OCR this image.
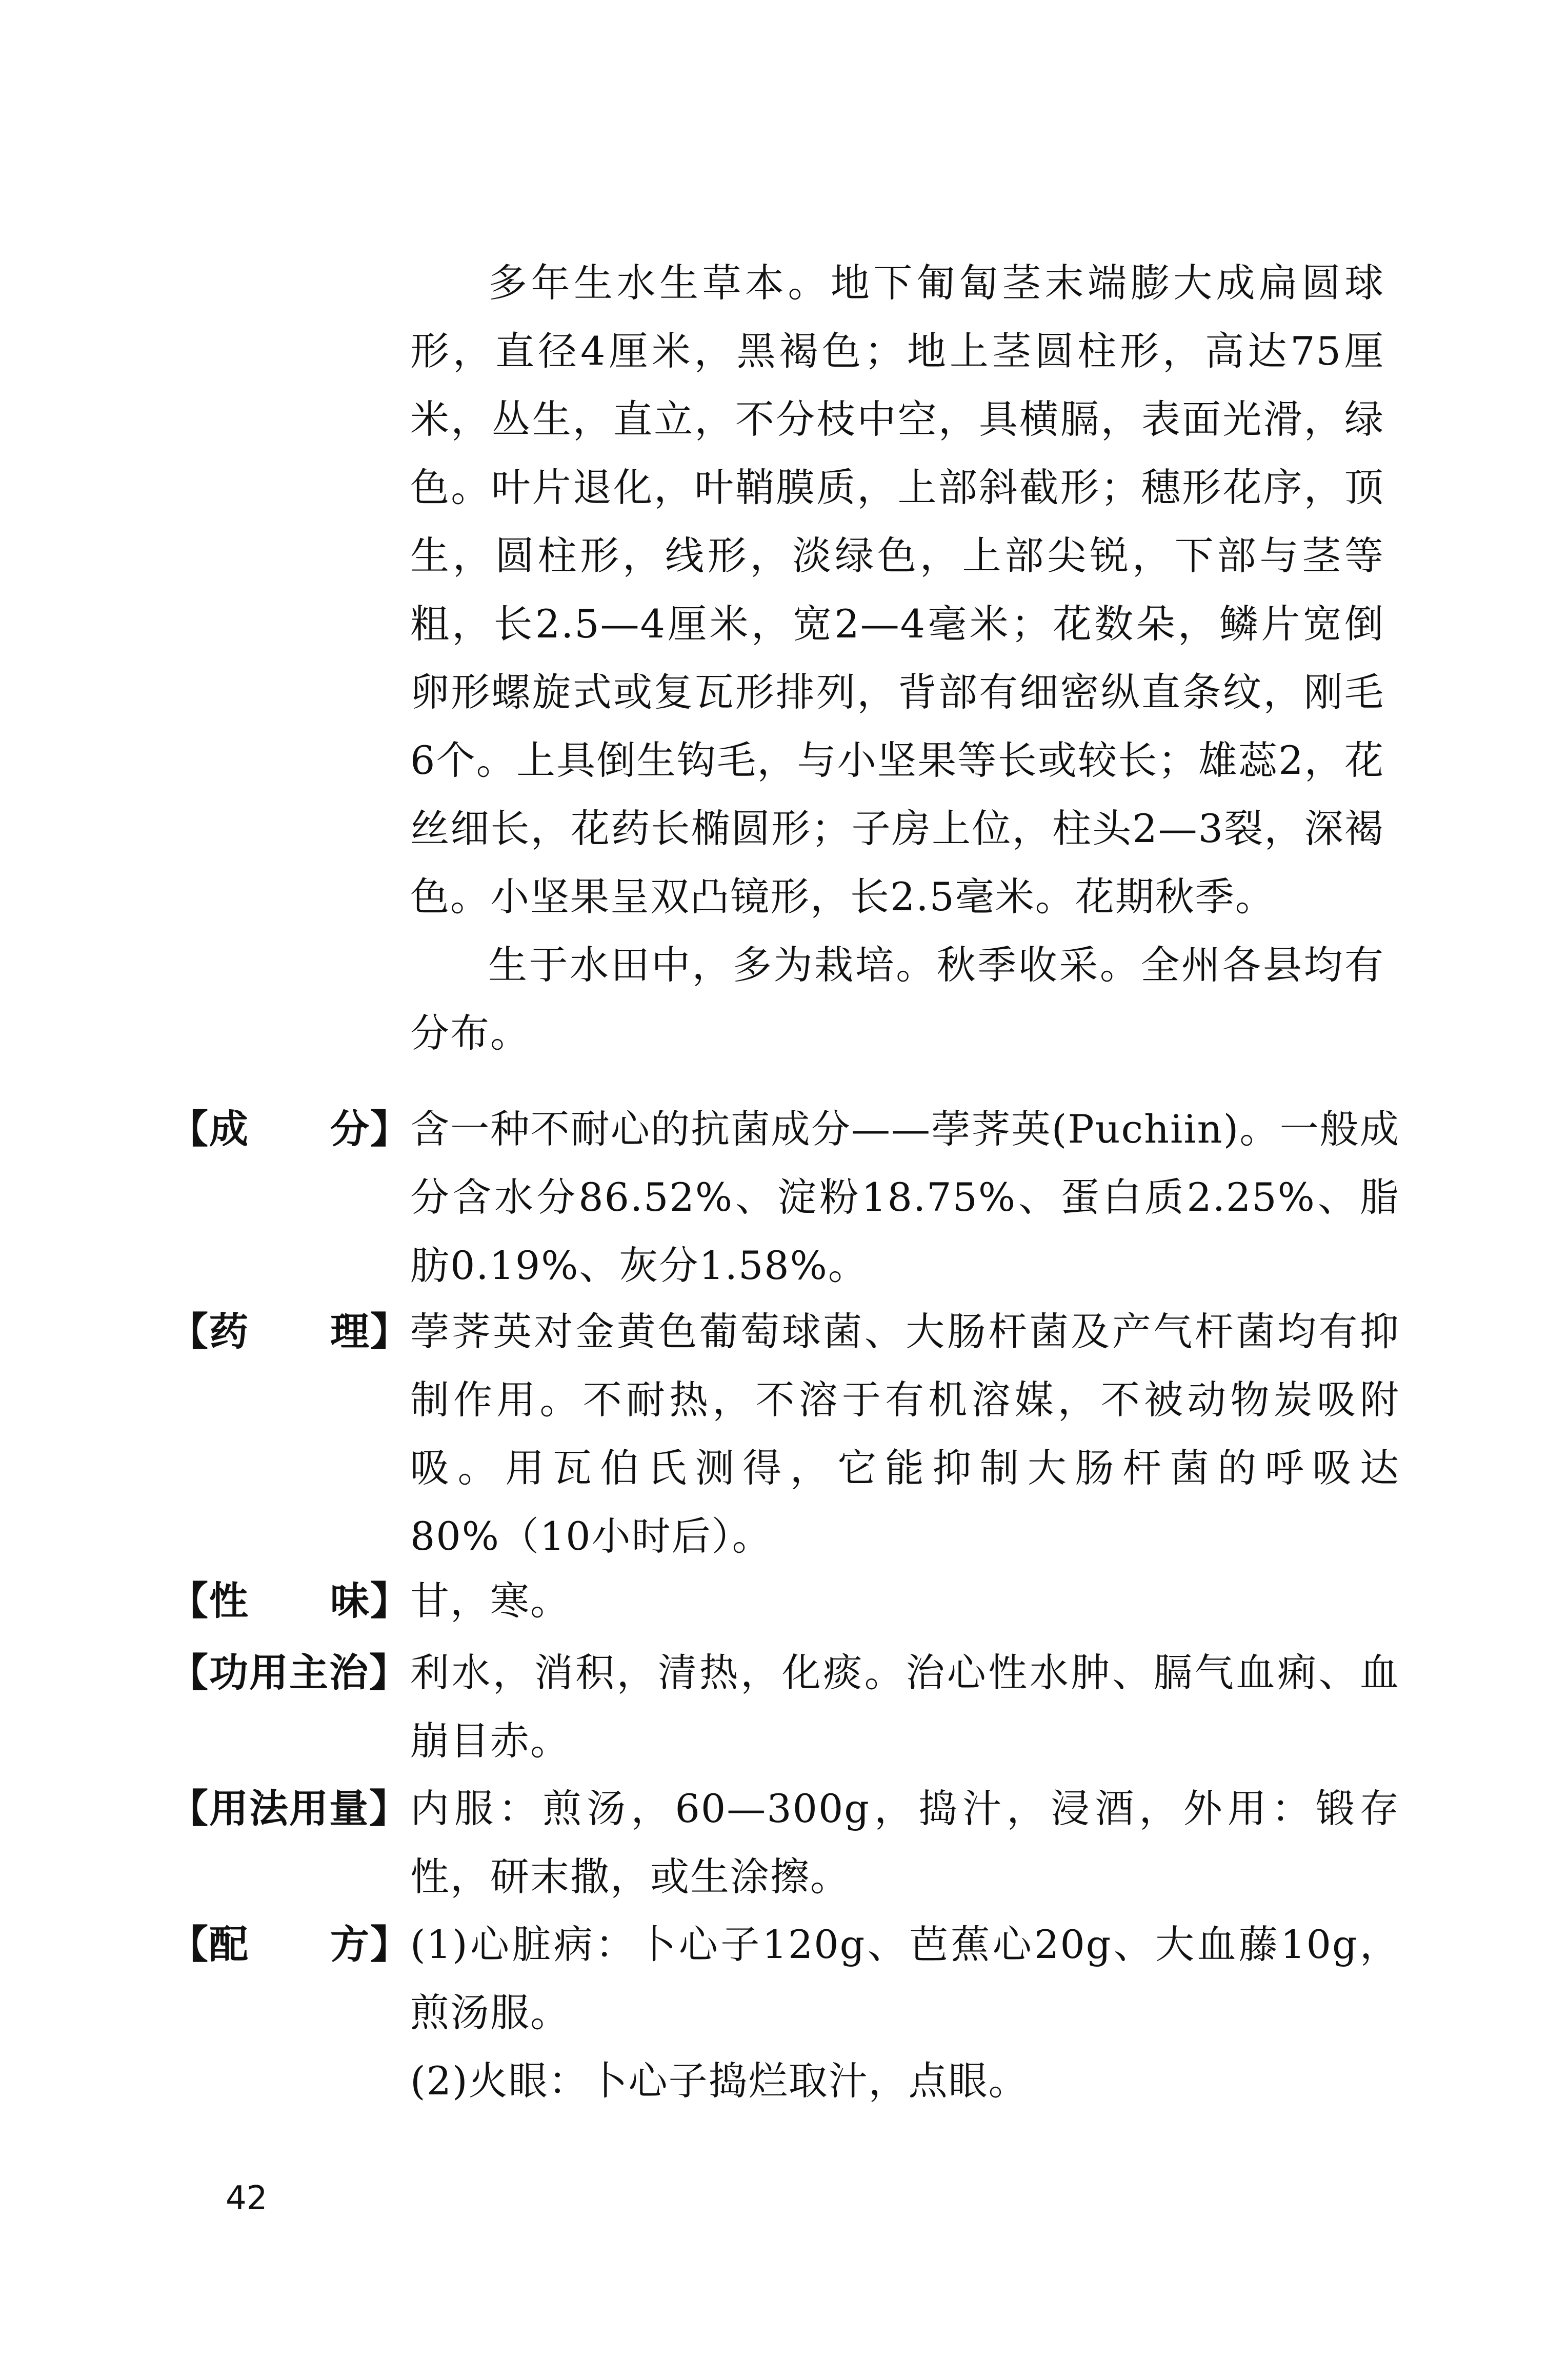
多年生水生草本。地下匍匐茎末端膨大成扁圆球形，直径4厘米，黑褐色；地上茎圆柱形，高达75厘米，丛生，直立，不分枝中空，具横膈，表面光滑，绿色。叶片退化，叶鞘膜质，上部斜截形；穗形花序，顶生，圆柱形，线形，淡绿色，上部尖锐，下部与茎等粗，长2.5—4厘米，宽2—4毫米；花数朵，鳞片宽倒卵形螺旋式或复瓦形排列，背部有细密纵直条纹，刚毛6个。上具倒生钩毛，与小坚果等长或较长；雄蕊2，花丝细长，花药长椭圆形；子房上位，柱头2—3裂，深褐色。小坚果呈双凸镜形，长2.5毫米。花期秋季。

生于水田中，多为栽培。秋季收采。全州各县均有分布。

【成 分】 含一种不耐心的抗菌成分——荸荠英(Puchiin)。一般成分含水分86.52%、淀粉18.75%、蛋白质2.25%、脂肪0.19%、灰分1.58%。

【药 理】 荸荠英对金黄色葡萄球菌、大肠杆菌及产气杆菌均有抑制作用。不耐热，不溶于有机溶媒，不被动物炭吸附吸。用瓦伯氏测得，它能抑制大肠杆菌的呼吸达80%（10小时后）。

【性 味】 甘，寒。

【功用主治】 利水，消积，清热，化痰。治心性水肿、膈气血痢、血崩目赤。

【用法用量】 内服：煎汤，60—300g，捣汁，浸酒，外用：锻存性，研末撒，或生涂擦。

【配 方】 (1)心脏病：卜心子120g、芭蕉心20g、大血藤10g，煎汤服。

(2)火眼：卜心子捣烂取汁，点眼。

42
